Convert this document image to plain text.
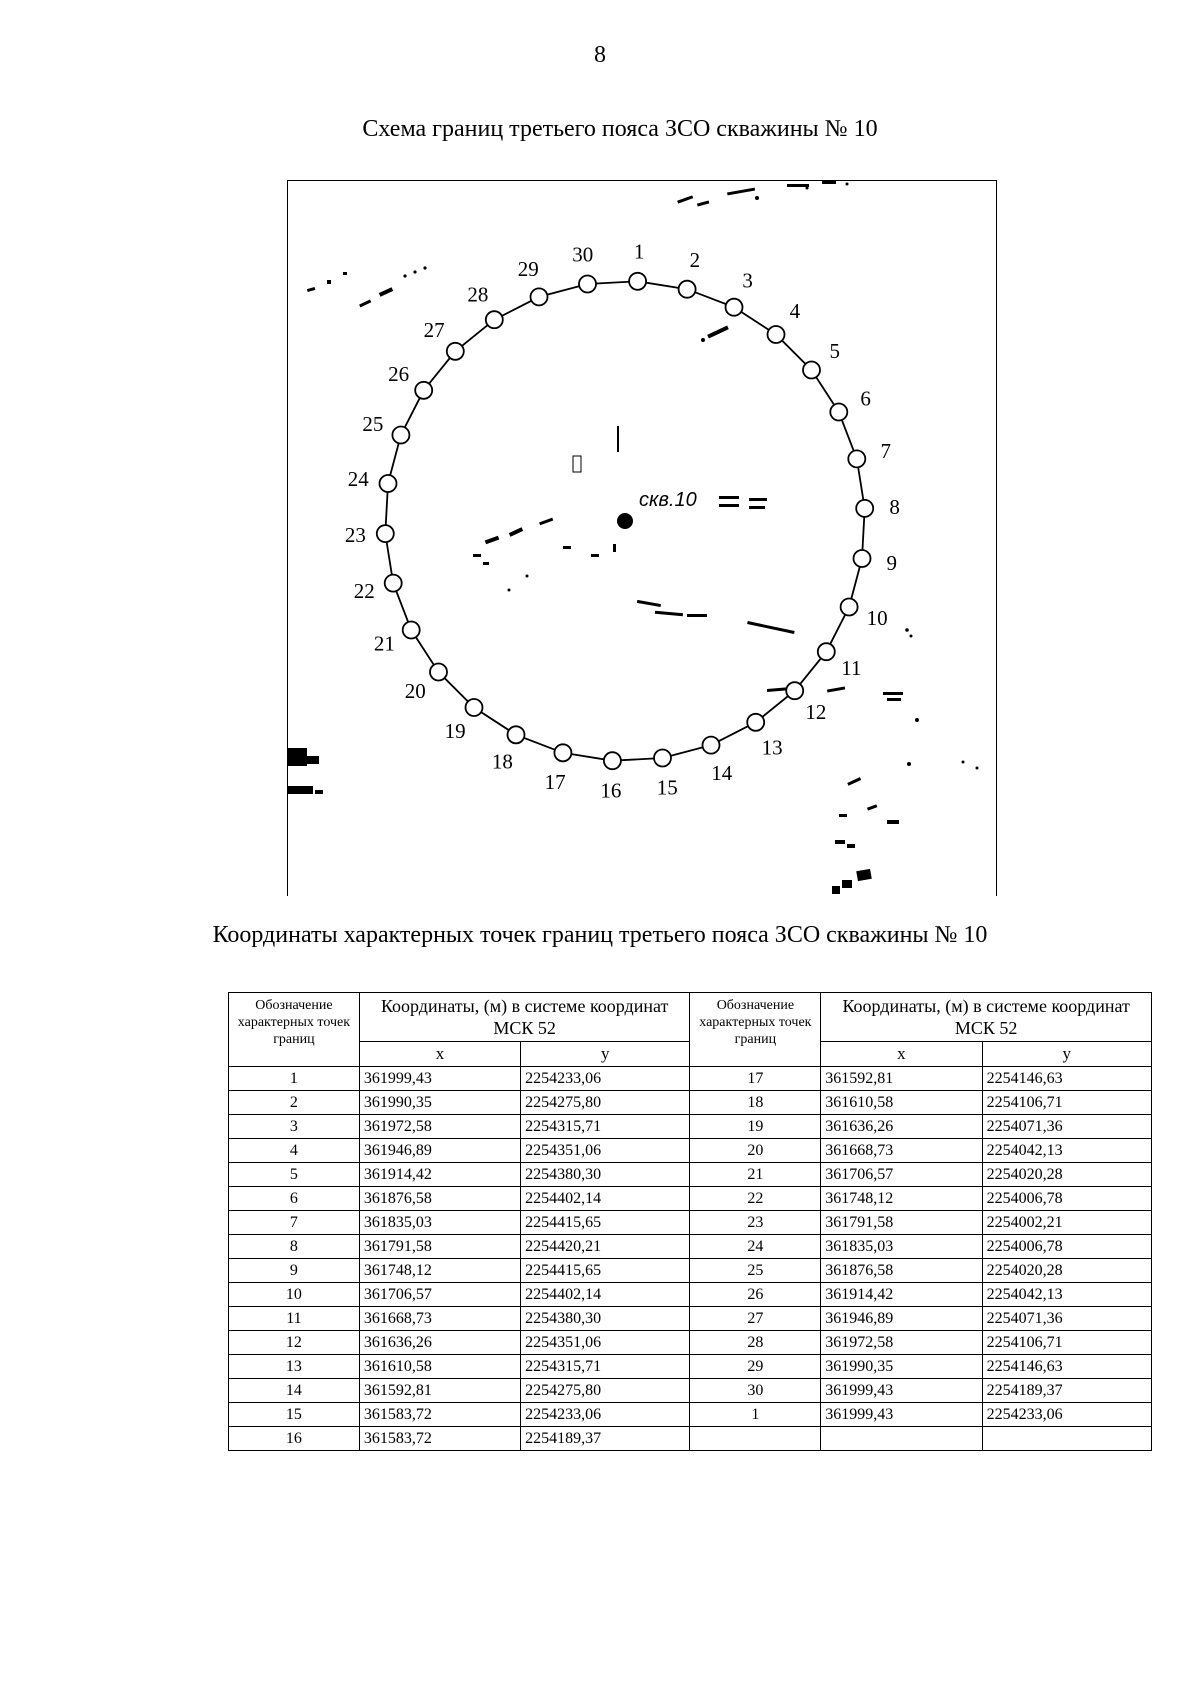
8
Схема границ третьего пояса ЗСО скважины № 10
1 2
3
4
5
6
7
8
9
10
11
12
13
14
15
16
17
18
19
20
21
22
23
24
25
26
27
28
29
30
скв.10
Координаты характерных точек границ третьего пояса ЗСО скважины № 10
Обозначение характерных точек границ	Координаты, (м) в системе координат МСК 52		Обозначение характерных точек границ	Координаты, (м) в системе координат МСК 52	
	x	y		x	y
1	361999,43	2254233,06	17	361592,81	2254146,63
2	361990,35	2254275,80	18	361610,58	2254106,71
3	361972,58	2254315,71	19	361636,26	2254071,36
4	361946,89	2254351,06	20	361668,73	2254042,13
5	361914,42	2254380,30	21	361706,57	2254020,28
6	361876,58	2254402,14	22	361748,12	2254006,78
7	361835,03	2254415,65	23	361791,58	2254002,21
8	361791,58	2254420,21	24	361835,03	2254006,78
9	361748,12	2254415,65	25	361876,58	2254020,28
10	361706,57	2254402,14	26	361914,42	2254042,13
11	361668,73	2254380,30	27	361946,89	2254071,36
12	361636,26	2254351,06	28	361972,58	2254106,71
13	361610,58	2254315,71	29	361990,35	2254146,63
14	361592,81	2254275,80	30	361999,43	2254189,37
15	361583,72	2254233,06	1	361999,43	2254233,06
16	361583,72	2254189,37			
